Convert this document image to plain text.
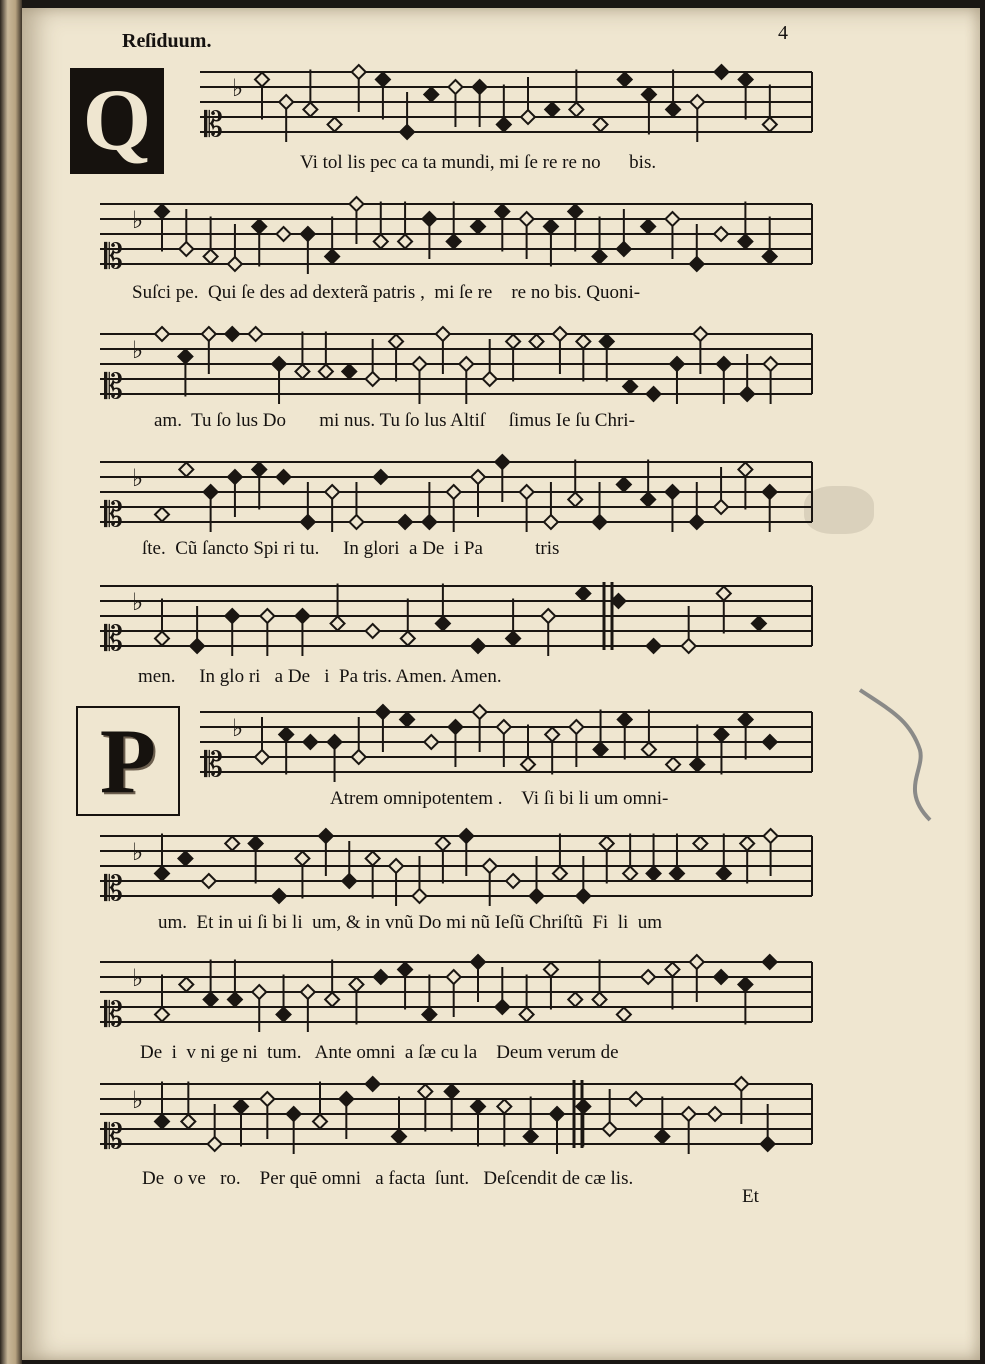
Reſiduum.	4
Q
P
𝄡
♭
𝄡
♭
𝄡
♭
𝄡
♭
𝄡
♭
𝄡
♭
𝄡
♭
𝄡
♭
𝄡
♭
Vi tol lis pec ca ta mundi, mi ſe re re no      bis.
Suſci pe.  Qui ſe des ad dexterã patris ,  mi ſe re    re no bis. Quoni-
am.  Tu ſo lus Do       mi nus. Tu ſo lus Altiſ     ſimus Ie ſu Chri-
ſte.  Cũ ſancto Spi ri tu.     In glori  a De  i Pa           tris
men.     In glo ri   a De   i  Pa tris. Amen. Amen.
Atrem omnipotentem .    Vi ſi bi li um omni-
um.  Et in ui ſi bi li  um, & in vnũ Do mi nũ Ieſũ Chriſtũ  Fi  li  um
De  i  v ni ge ni  tum.   Ante omni  a ſæ cu la    Deum verum de
De  o ve   ro.    Per quē omni   a facta  ſunt.   Deſcendit de cæ lis.
Et
